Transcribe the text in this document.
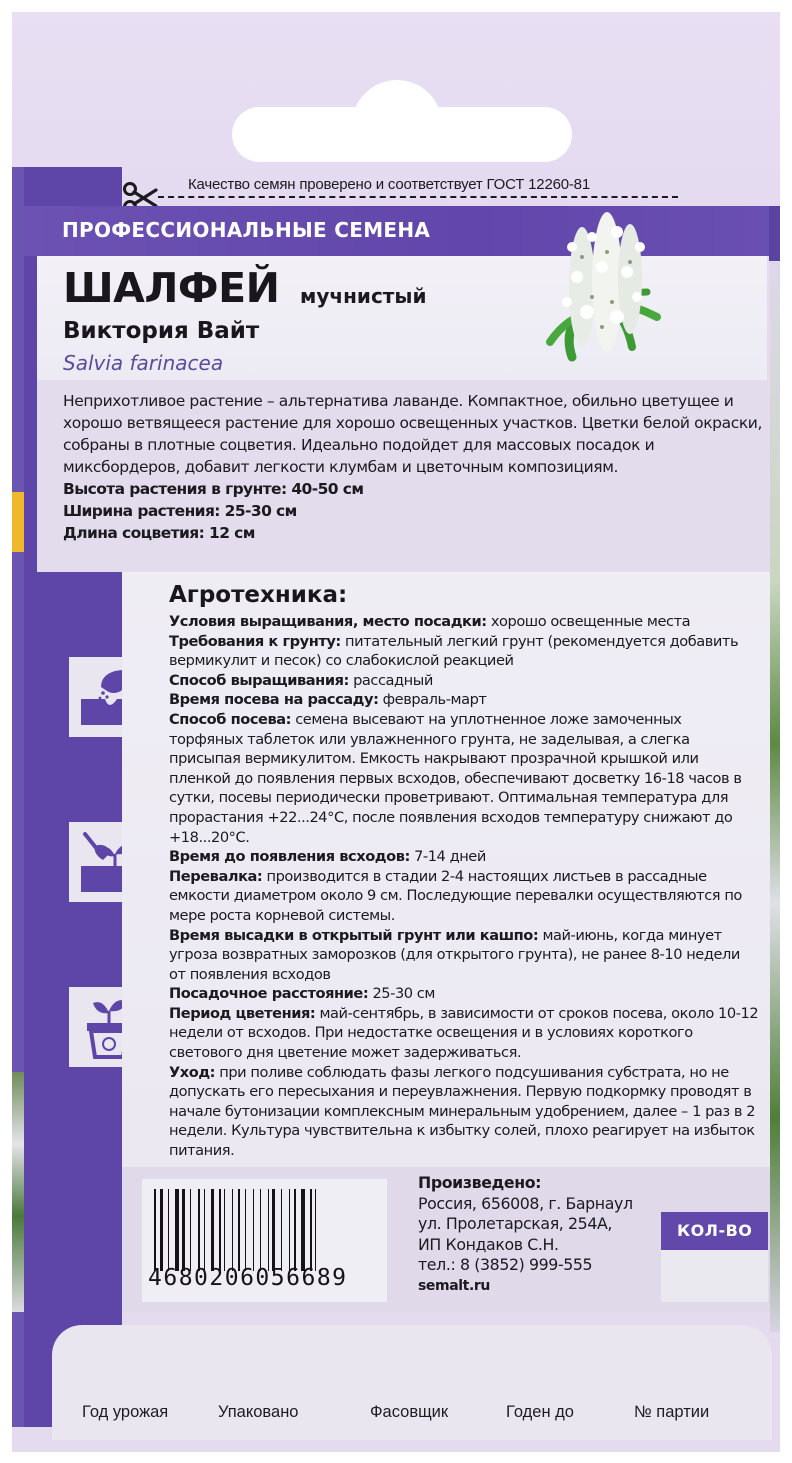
Качество семян проверено и соответствует ГОСТ 12260-81
ПРОФЕССИОНАЛЬНЫЕ СЕМЕНА
ШАЛФЕЙ мучнистый
Виктория Вайт
Salvia farinacea
Неприхотливое растение – альтернатива лаванде. Компактное, обильно цветущее и хорошо ветвящееся растение для хорошо освещенных участков. Цветки белой окраски, собраны в плотные соцветия. Идеально подойдет для массовых посадок и миксбордеров, добавит легкости клумбам и цветочным композициям.
Высота растения в грунте: 40-50 см
Ширина растения: 25-30 см
Длина соцветия: 12 см
Агротехника:

Условия выращивания, место посадки: хорошо освещенные места

Требования к грунту: питательный легкий грунт (рекомендуется добавить вермикулит и песок) со слабокислой реакцией

Способ выращивания: рассадный

Время посева на рассаду: февраль-март

Способ посева: семена высевают на уплотненное ложе замоченных торфяных таблеток или увлажненного грунта, не заделывая, а слегка присыпая вермикулитом. Емкость накрывают прозрачной крышкой или пленкой до появления первых всходов, обеспечивают досветку 16-18 часов в сутки, посевы периодически проветривают. Оптимальная температура для прорастания +22...24°С, после появления всходов температуру снижают до +18...20°С.

Время до появления всходов: 7-14 дней

Перевалка: производится в стадии 2-4 настоящих листьев в рассадные емкости диаметром около 9 см. Последующие перевалки осуществляются по мере роста корневой системы.

Время высадки в открытый грунт или кашпо: май-июнь, когда минует угроза возвратных заморозков (для открытого грунта), не ранее 8-10 недели от появления всходов

Посадочное расстояние: 25-30 см

Период цветения: май-сентябрь, в зависимости от сроков посева, около 10-12 недели от всходов. При недостатке освещения и в условиях короткого светового дня цветение может задерживаться.

Уход: при поливе соблюдать фазы легкого подсушивания субстрата, но не допускать его пересыхания и переувлажнения. Первую подкормку проводят в начале бутонизации комплексным минеральным удобрением, далее – 1 раз в 2 недели. Культура чувствительна к избытку солей, плохо реагирует на избыток питания.

4680206056689
Произведено:
Россия, 656008, г. Барнаул
ул. Пролетарская, 254А,
ИП Кондаков С.Н.
тел.: 8 (3852) 999-555
semalt.ru
КОЛ-ВО
Год урожая	Упаковано	Фасовщик	Годен до	№ партии
